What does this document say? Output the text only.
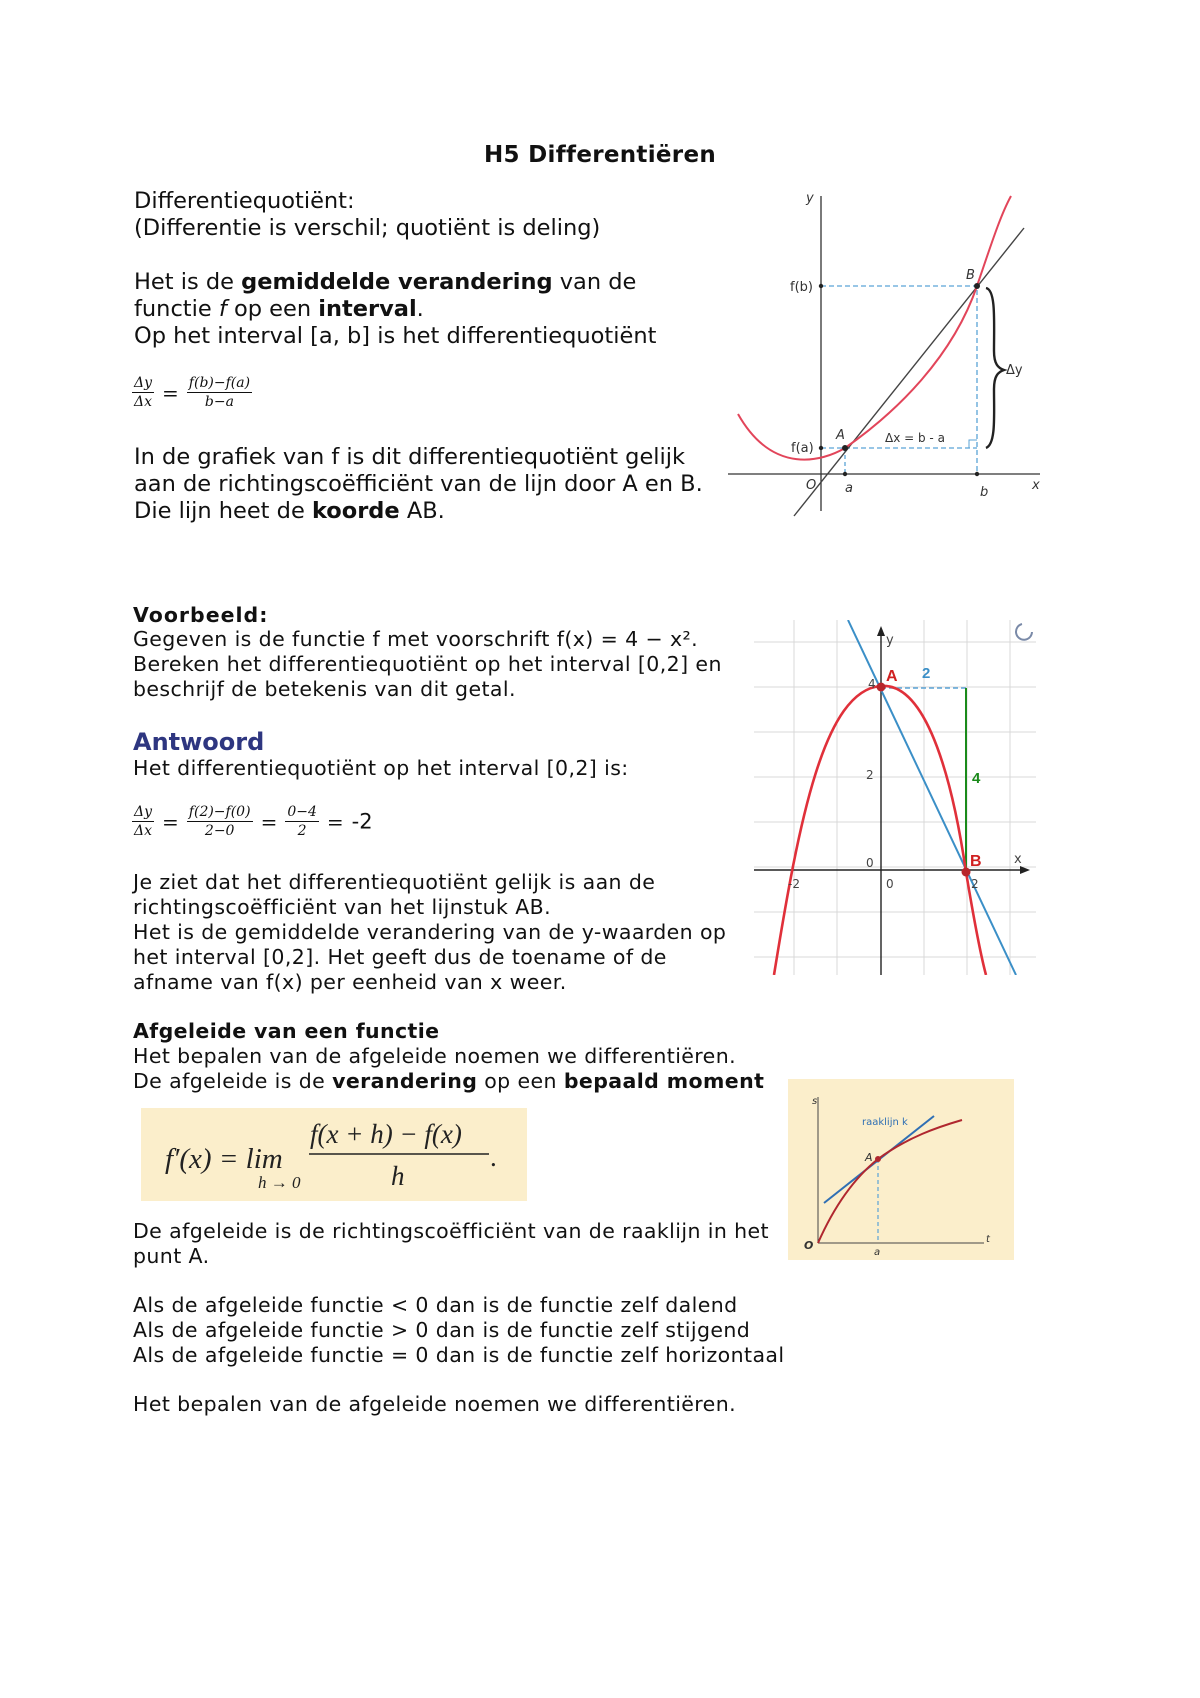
H5 Differentiëren
Differentiequotiënt:
(Differentie is verschil; quotiënt is deling)
Het is de gemiddelde verandering van de
functie f op een interval.
Op het interval [a, b] is het differentiequotiënt
$\frac{\Delta y}{\Delta x} = \frac{f(b)-f(a)}{b-a}$
In de grafiek van f is dit differentiequotiënt gelijk
aan de richtingscoëfficiënt van de lijn door A en B.
Die lijn heet de koorde AB.
y
x
f(b)
f(a)
A
B
O a	b
Δy
Δx = b - a
Voorbeeld:
Gegeven is de functie f met voorschrift f(x) = 4 − x².
Bereken het differentiequotiënt op het interval [0,2] en
beschrijf de betekenis van dit getal.
Antwoord
Het differentiequotiënt op het interval [0,2] is:
$\frac{\Delta y}{\Delta x} = \frac{f(2)-f(0)}{2-0} = \frac{0-4}{2} = -2$
Je ziet dat het differentiequotiënt gelijk is aan de
richtingscoëfficiënt van het lijnstuk AB.
Het is de gemiddelde verandering van de y-waarden op
het interval [0,2]. Het geeft dus de toename of de
afname van f(x) per eenheid van x weer.
y
x
A
B
2
4
4
2
0
-2	0	2
Afgeleide van een functie
Het bepalen van de afgeleide noemen we differentiëren.
De afgeleide is de verandering op een bepaald moment
f′(x) = lim
h → 0
f(x + h) − f(x)
h
.
s
t
O
a
A
raaklijn k
De afgeleide is de richtingscoëfficiënt van de raaklijn in het
punt A.
Als de afgeleide functie < 0 dan is de functie zelf dalend
Als de afgeleide functie > 0 dan is de functie zelf stijgend
Als de afgeleide functie = 0 dan is de functie zelf horizontaal
Het bepalen van de afgeleide noemen we differentiëren.
